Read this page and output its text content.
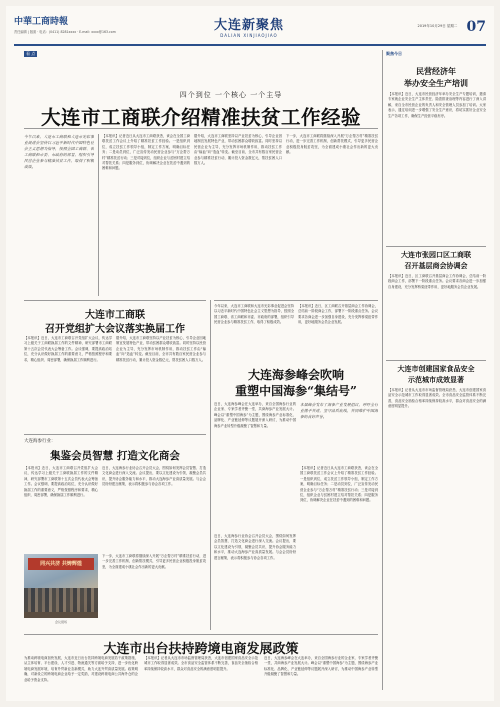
中華工商時報
责任编辑 | 版面 · 电话：(0411) 8281xxxx · E-mail: xxxx@163.com	大连新聚焦
DALIAN XINJIAOJIAO
2019年10月29日 星期二 07
看 点	聚焦今日
四个到位 一个核心 一个主导
大连市工商联介绍精准扶贫工作经验
今年以来，大连市工商联和大连市光彩事业促进会坚持以习近平新时代中国特色社会主义思想为指导，按照全国工商联、省工商联和市委、市政府的部署，组织引导民营企业参与精准扶贫工作，取得了积极成效。
【本报讯】记者近日从大连市工商联获悉，该会在全国工商联扶贫工作会议上介绍了精准扶贫工作经验。一是组织到位，成立扶贫工作领导小组，制定工作方案，明确目标任务；二是动员到位，广泛宣传发动民营企业参与“万企帮万村”精准扶贫行动；三是对接到位，组织企业与贫困村建立结对帮扶关系；四是服务到位，协调解决企业在扶贫中遇到的困难和问题。
据介绍，大连市工商联坚持以产业扶贫为核心，引导企业因地制宜发展特色产业，带动贫困群众增收致富。同时坚持以民营企业为主导，充分发挥市场机制作用，推动扶贫工作由“输血”向“造血”转变。截至目前，全市共有数百家民营企业参与精准扶贫行动，累计投入资金数亿元，帮扶贫困人口数万人。
下一步，大连市工商联将继续深入开展“万企帮万村”精准扶贫行动，进一步完善工作机制，创新帮扶模式，引导更多民营企业积极投身脱贫攻坚，为全面建成小康社会作出新的更大贡献。
民营经济年
举办安全生产培训
【本报讯】近日，大连市民营经济年举办安全生产专题培训，邀请专家就企业安全生产主体责任、隐患排查治理等内容进行了深入讲解，来自全市民营企业的负责人和安全管理人员参加了培训。大家表示，通过培训进一步增强了安全生产意识，将切实抓好企业安全生产各项工作，确保生产经营平稳有序。
大连市张园口区工商联
召开基层商会协调会
【本报讯】近日，区工商联召开基层商会工作协调会，总结前一阶段商会工作，部署下一阶段重点任务。会议要求各商会进一步加强自身建设，充分发挥桥梁纽带作用，更好地服务会员企业发展。
大连市创建国家食品安全
示范城市成效显著
【本报讯】记者从大连市市场监督管理局获悉，大连市创建国家食品安全示范城市工作取得显著成效。全市食品安全监管体系不断完善，食品安全抽检合格率持续保持较高水平，群众对食品安全的满意度明显提升。
大连市工商联
召开党组扩大会议落实换届工作
【本报讯】近日，大连市工商联召开党组扩大会议，传达学习上级关于工商联换届工作的文件精神，研究部署市工商联第十五次会员代表大会筹备工作。会议强调，要提高政治站位，充分认识做好换届工作的重要意义，严格按照程序和要求，精心组织、周密部署，确保换届工作顺利进行。
据介绍，大连市工商联坚持以产业扶贫为核心，引导企业因地制宜发展特色产业，带动贫困群众增收致富。同时坚持以民营企业为主导，充分发挥市场机制作用，推动扶贫工作由“输血”向“造血”转变。截至目前，全市共有数百家民营企业参与精准扶贫行动，累计投入资金数亿元，帮扶贫困人口数万人。
大连海参行业：
集鉴会员智慧 打造文化商会
近日，大连海参行业协会召开会员大会，围绕如何发挥会员智慧、打造文化商会进行深入交流。会议提出，要以文化建设为引领，凝聚会员共识，提升协会服务能力和水平，推动大连海参产业高质量发展。与会会员纷纷建言献策，表示将积极参与协会各项工作。
【本报讯】近日，大连市工商联召开党组扩大会议，传达学习上级关于工商联换届工作的文件精神，研究部署市工商联第十五次会员代表大会筹备工作。会议强调，要提高政治站位，充分认识做好换届工作的重要意义，严格按照程序和要求，精心组织、周密部署，确保换届工作顺利进行。
同兴共济 共铸辉煌
会议现场
下一步，大连市工商联将继续深入开展“万企帮万村”精准扶贫行动，进一步完善工作机制，创新帮扶模式，引导更多民营企业积极投身脱贫攻坚，为全面建成小康社会作出新的更大贡献。
今年以来，大连市工商联和大连市光彩事业促进会坚持以习近平新时代中国特色社会主义思想为指导，按照全国工商联、省工商联和市委、市政府的部署，组织引导民营企业参与精准扶贫工作，取得了积极成效。
【本报讯】近日，区工商联召开基层商会工作协调会，总结前一阶段商会工作，部署下一阶段重点任务。会议要求各商会进一步加强自身建设，充分发挥桥梁纽带作用，更好地服务会员企业发展。
大连海参峰会吹响
重塑中国海参“集结号”
近日，大连海参峰会在大连举办，来自全国海参行业的企业家、专家学者齐聚一堂，共商海参产业发展大计。峰会以“重塑中国海参”为主题，围绕海参产业标准化、品牌化、产业链延伸等议题展开深入研讨，为推动中国海参产业转型升级凝聚了智慧和力量。
本届峰会发布了海参产业发展倡议，呼吁全行业携手共进，坚守品质底线，共同维护中国海参的良好声誉。
【本报讯】记者近日从大连市工商联获悉，该会在全国工商联扶贫工作会议上介绍了精准扶贫工作经验。一是组织到位，成立扶贫工作领导小组，制定工作方案，明确目标任务；二是动员到位，广泛宣传发动民营企业参与“万企帮万村”精准扶贫行动；三是对接到位，组织企业与贫困村建立结对帮扶关系；四是服务到位，协调解决企业在扶贫中遇到的困难和问题。
近日，大连海参行业协会召开会员大会，围绕如何发挥会员智慧、打造文化商会进行深入交流。会议提出，要以文化建设为引领，凝聚会员共识，提升协会服务能力和水平，推动大连海参产业高质量发展。与会会员纷纷建言献策，表示将积极参与协会各项工作。
大连市出台扶持跨境电商发展政策
为推动跨境电商加快发展，大连市近日出台扶持跨境电商发展若干政策措施，从主体培育、平台建设、人才引进、物流通关等方面给予支持，进一步优化跨境电商发展环境，培育外贸新业态新模式，助力大连外贸高质量发展。政策明确，对新设立的跨境电商企业给予一定奖励，对建设跨境电商公共海外仓的企业给予资金支持。
【本报讯】记者从大连市市场监督管理局获悉，大连市创建国家食品安全示范城市工作取得显著成效。全市食品安全监管体系不断完善，食品安全抽检合格率持续保持较高水平，群众对食品安全的满意度明显提升。
近日，大连海参峰会在大连举办，来自全国海参行业的企业家、专家学者齐聚一堂，共商海参产业发展大计。峰会以“重塑中国海参”为主题，围绕海参产业标准化、品牌化、产业链延伸等议题展开深入研讨，为推动中国海参产业转型升级凝聚了智慧和力量。
